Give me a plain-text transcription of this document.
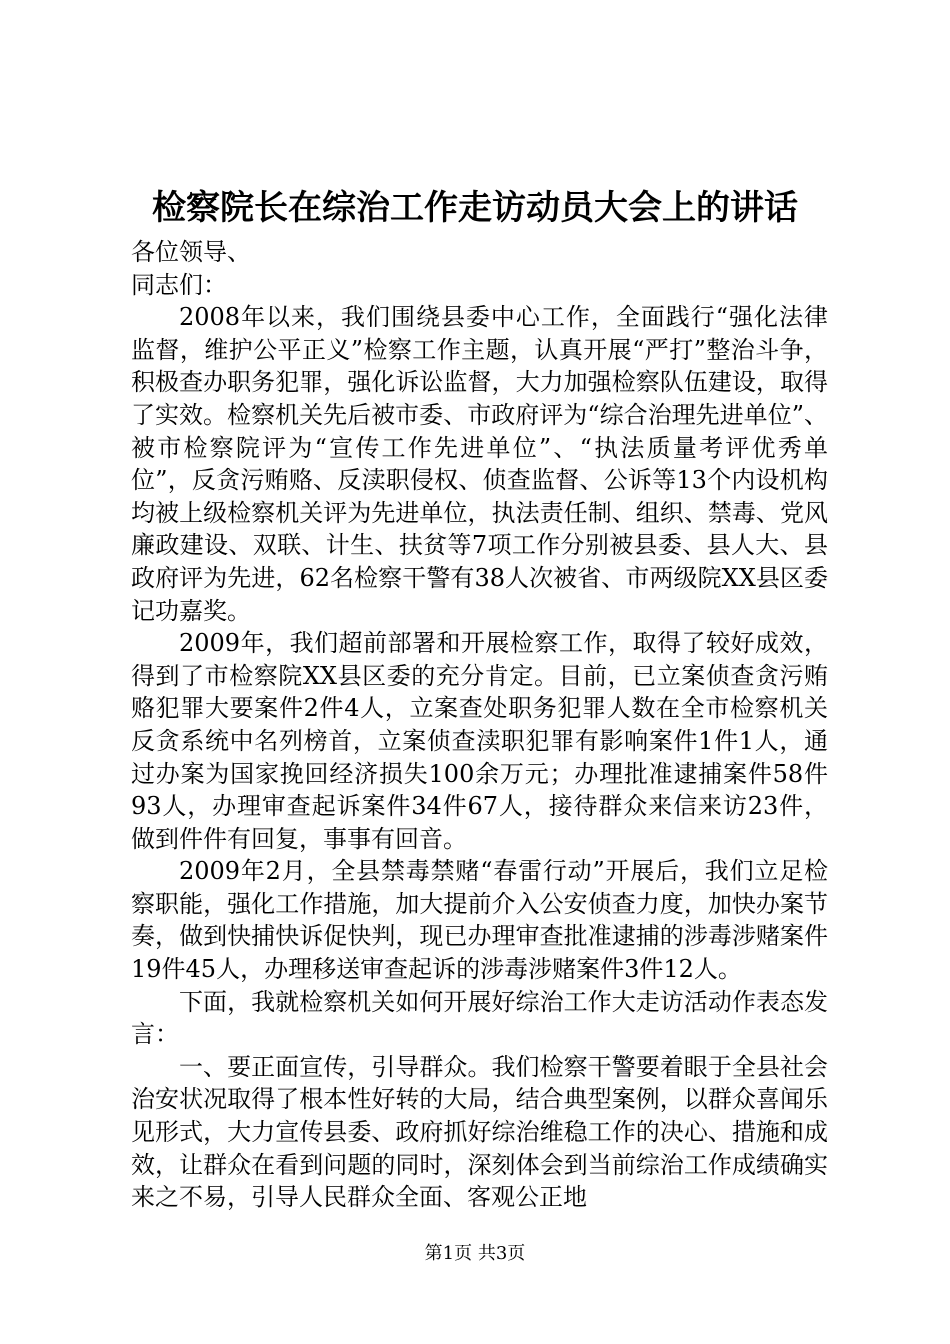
检察院长在综治工作走访动员大会上的讲话

各位领导、

同志们：

2008年以来，我们围绕县委中心工作，全面践行“强化法律监督，维护公平正义”检察工作主题，认真开展“严打”整治斗争，积极查办职务犯罪，强化诉讼监督，大力加强检察队伍建设，取得了实效。检察机关先后被市委、市政府评为“综合治理先进单位”、被市检察院评为“宣传工作先进单位”、“执法质量考评优秀单位”，反贪污贿赂、反渎职侵权、侦查监督、公诉等13个内设机构均被上级检察机关评为先进单位，执法责任制、组织、禁毒、党风廉政建设、双联、计生、扶贫等7项工作分别被县委、县人大、县政府评为先进，62名检察干警有38人次被省、市两级院XX县区委记功嘉奖。

2009年，我们超前部署和开展检察工作，取得了较好成效，得到了市检察院XX县区委的充分肯定。目前，已立案侦查贪污贿赂犯罪大要案件2件4人，立案查处职务犯罪人数在全市检察机关反贪系统中名列榜首，立案侦查渎职犯罪有影响案件1件1人，通过办案为国家挽回经济损失100余万元；办理批准逮捕案件58件93人，办理审查起诉案件34件67人，接待群众来信来访23件，做到件件有回复，事事有回音。

2009年2月，全县禁毒禁赌“春雷行动”开展后，我们立足检察职能，强化工作措施，加大提前介入公安侦查力度，加快办案节奏，做到快捕快诉促快判，现已办理审查批准逮捕的涉毒涉赌案件19件45人，办理移送审查起诉的涉毒涉赌案件3件12人。

下面，我就检察机关如何开展好综治工作大走访活动作表态发言：

一、要正面宣传，引导群众。我们检察干警要着眼于全县社会治安状况取得了根本性好转的大局，结合典型案例，以群众喜闻乐见形式，大力宣传县委、政府抓好综治维稳工作的决心、措施和成效，让群众在看到问题的同时，深刻体会到当前综治工作成绩确实来之不易，引导人民群众全面、客观公正地

第1页 共3页
